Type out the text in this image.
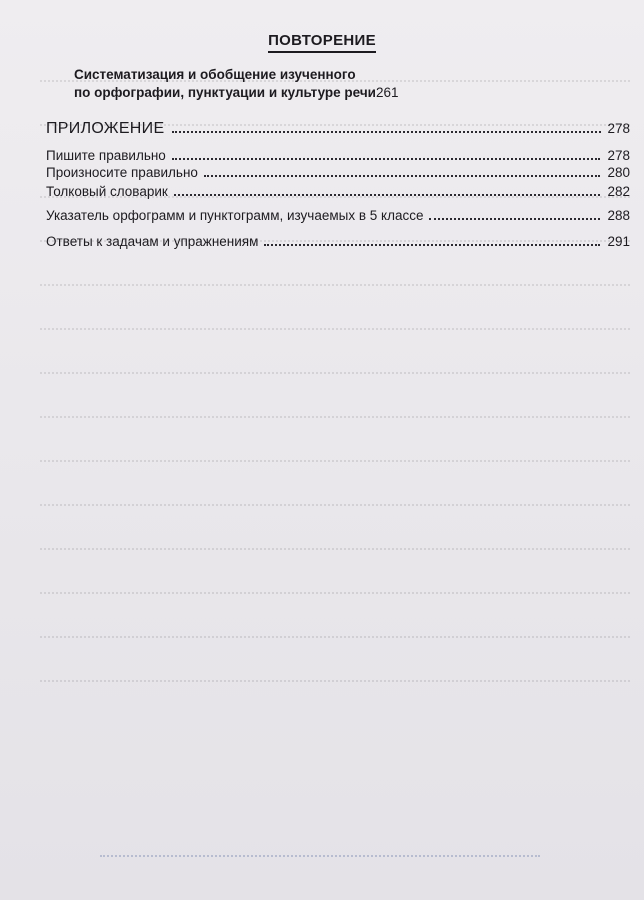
ПОВТОРЕНИЕ
Систематизация и обобщение изученного
по орфографии, пунктуации и культуре речи 261
ПРИЛОЖЕНИЕ	278
Пишите правильно	278
Произносите правильно	280
Толковый словарик	282
Указатель орфограмм и пунктограмм, изучаемых в 5 классе	288
Ответы к задачам и упражнениям	291
